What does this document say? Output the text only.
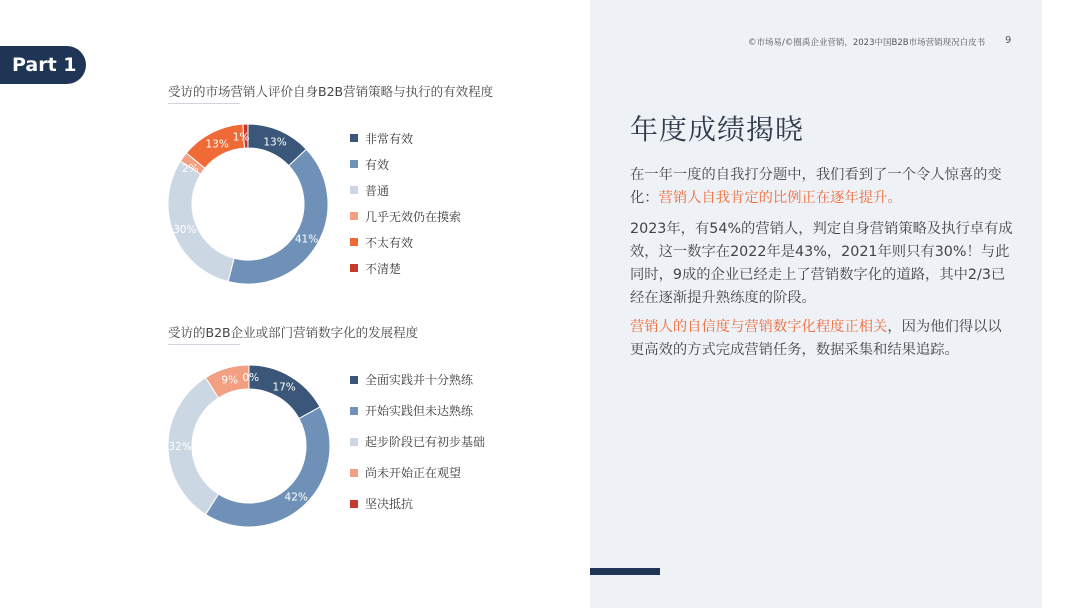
Part 1
©市场易/©圈禹企业营销，2023中国B2B市场营销现况白皮书 9
受访的市场营销人评价自身B2B营销策略与执行的有效程度
13%
41%
30%
2%
13%
1%	非常有效
有效
普通
几乎无效仍在摸索
不太有效
不清楚
受访的B2B企业或部门营销数字化的发展程度
17%
42%
32%
9% 0%	全面实践并十分熟练
开始实践但未达熟练
起步阶段已有初步基础
尚未开始正在观望
坚决抵抗
年度成绩揭晓
在一年一度的自我打分题中，我们看到了一个令人惊喜的变化：营销人自我肯定的比例正在逐年提升。
2023年，有54%的营销人，判定自身营销策略及执行卓有成效，这一数字在2022年是43%，2021年则只有30%！与此同时，9成的企业已经走上了营销数字化的道路，其中2/3已经在逐渐提升熟练度的阶段。
营销人的自信度与营销数字化程度正相关，因为他们得以以更高效的方式完成营销任务，数据采集和结果追踪。
